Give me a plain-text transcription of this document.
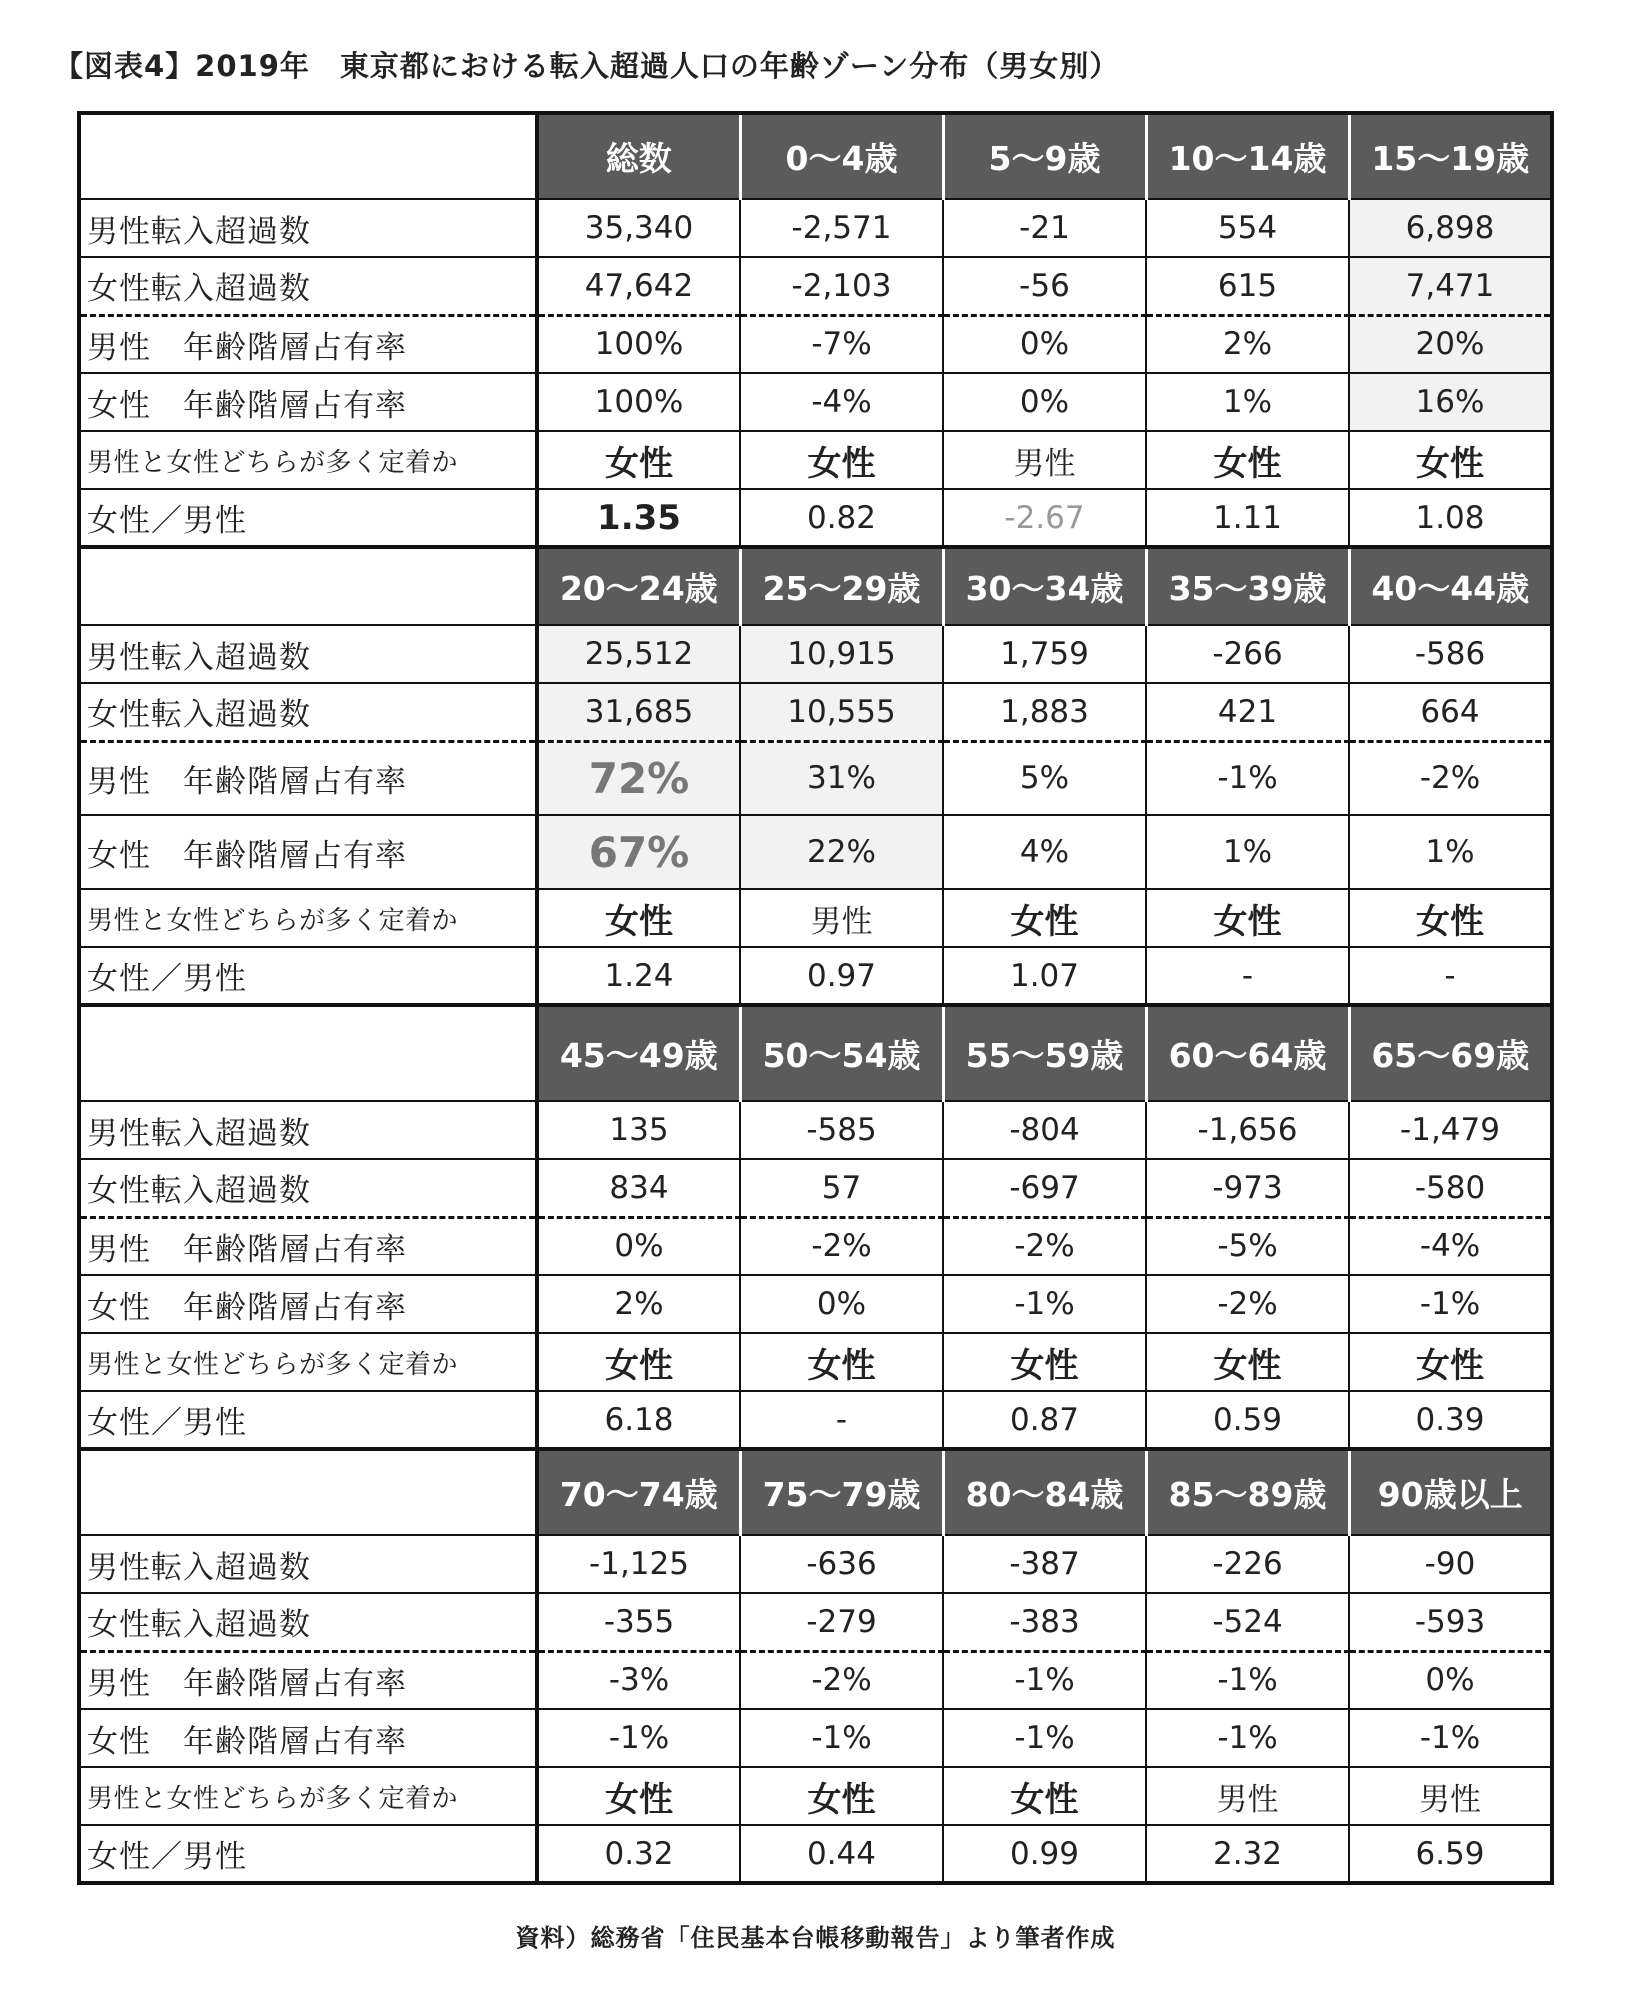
【図表4】2019年　東京都における転入超過人口の年齢ゾーン分布（男女別）
	総数	0～4歳	5～9歳	10～14歳	15～19歳
男性転入超過数	35,340	-2,571	-21	554	6,898
女性転入超過数	47,642	-2,103	-56	615	7,471
男性　年齢階層占有率	100%	-7%	0%	2%	20%
女性　年齢階層占有率	100%	-4%	0%	1%	16%
男性と女性どちらが多く定着か	女性	女性	男性	女性	女性
女性／男性	1.35	0.82	-2.67	1.11	1.08
	20～24歳	25～29歳	30～34歳	35～39歳	40～44歳
男性転入超過数	25,512	10,915	1,759	-266	-586
女性転入超過数	31,685	10,555	1,883	421	664
男性　年齢階層占有率	72%	31%	5%	-1%	-2%
女性　年齢階層占有率	67%	22%	4%	1%	1%
男性と女性どちらが多く定着か	女性	男性	女性	女性	女性
女性／男性	1.24	0.97	1.07	-	-
	45～49歳	50～54歳	55～59歳	60～64歳	65～69歳
男性転入超過数	135	-585	-804	-1,656	-1,479
女性転入超過数	834	57	-697	-973	-580
男性　年齢階層占有率	0%	-2%	-2%	-5%	-4%
女性　年齢階層占有率	2%	0%	-1%	-2%	-1%
男性と女性どちらが多く定着か	女性	女性	女性	女性	女性
女性／男性	6.18	-	0.87	0.59	0.39
	70～74歳	75～79歳	80～84歳	85～89歳	90歳以上
男性転入超過数	-1,125	-636	-387	-226	-90
女性転入超過数	-355	-279	-383	-524	-593
男性　年齢階層占有率	-3%	-2%	-1%	-1%	0%
女性　年齢階層占有率	-1%	-1%	-1%	-1%	-1%
男性と女性どちらが多く定着か	女性	女性	女性	男性	男性
女性／男性	0.32	0.44	0.99	2.32	6.59
資料）総務省「住民基本台帳移動報告」より筆者作成
